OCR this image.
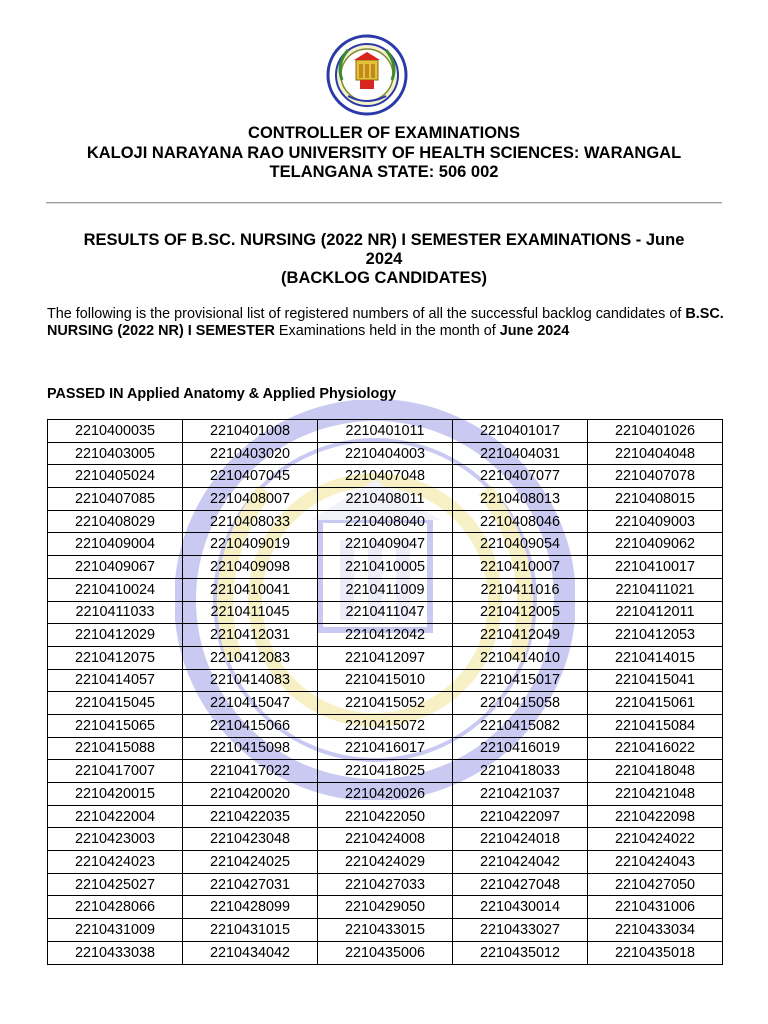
CONTROLLER OF EXAMINATIONS
KALOJI NARAYANA RAO UNIVERSITY OF HEALTH SCIENCES: WARANGAL
TELANGANA STATE: 506 002
RESULTS OF B.SC. NURSING (2022 NR) I SEMESTER EXAMINATIONS - June
2024
(BACKLOG CANDIDATES)
The following is the provisional list of registered numbers of all the successful backlog candidates of B.SC. NURSING (2022 NR) I SEMESTER Examinations held in the month of June 2024
PASSED IN Applied Anatomy & Applied Physiology
2210400035	2210401008	2210401011	2210401017	2210401026
2210403005	2210403020	2210404003	2210404031	2210404048
2210405024	2210407045	2210407048	2210407077	2210407078
2210407085	2210408007	2210408011	2210408013	2210408015
2210408029	2210408033	2210408040	2210408046	2210409003
2210409004	2210409019	2210409047	2210409054	2210409062
2210409067	2210409098	2210410005	2210410007	2210410017
2210410024	2210410041	2210411009	2210411016	2210411021
2210411033	2210411045	2210411047	2210412005	2210412011
2210412029	2210412031	2210412042	2210412049	2210412053
2210412075	2210412083	2210412097	2210414010	2210414015
2210414057	2210414083	2210415010	2210415017	2210415041
2210415045	2210415047	2210415052	2210415058	2210415061
2210415065	2210415066	2210415072	2210415082	2210415084
2210415088	2210415098	2210416017	2210416019	2210416022
2210417007	2210417022	2210418025	2210418033	2210418048
2210420015	2210420020	2210420026	2210421037	2210421048
2210422004	2210422035	2210422050	2210422097	2210422098
2210423003	2210423048	2210424008	2210424018	2210424022
2210424023	2210424025	2210424029	2210424042	2210424043
2210425027	2210427031	2210427033	2210427048	2210427050
2210428066	2210428099	2210429050	2210430014	2210431006
2210431009	2210431015	2210433015	2210433027	2210433034
2210433038	2210434042	2210435006	2210435012	2210435018
